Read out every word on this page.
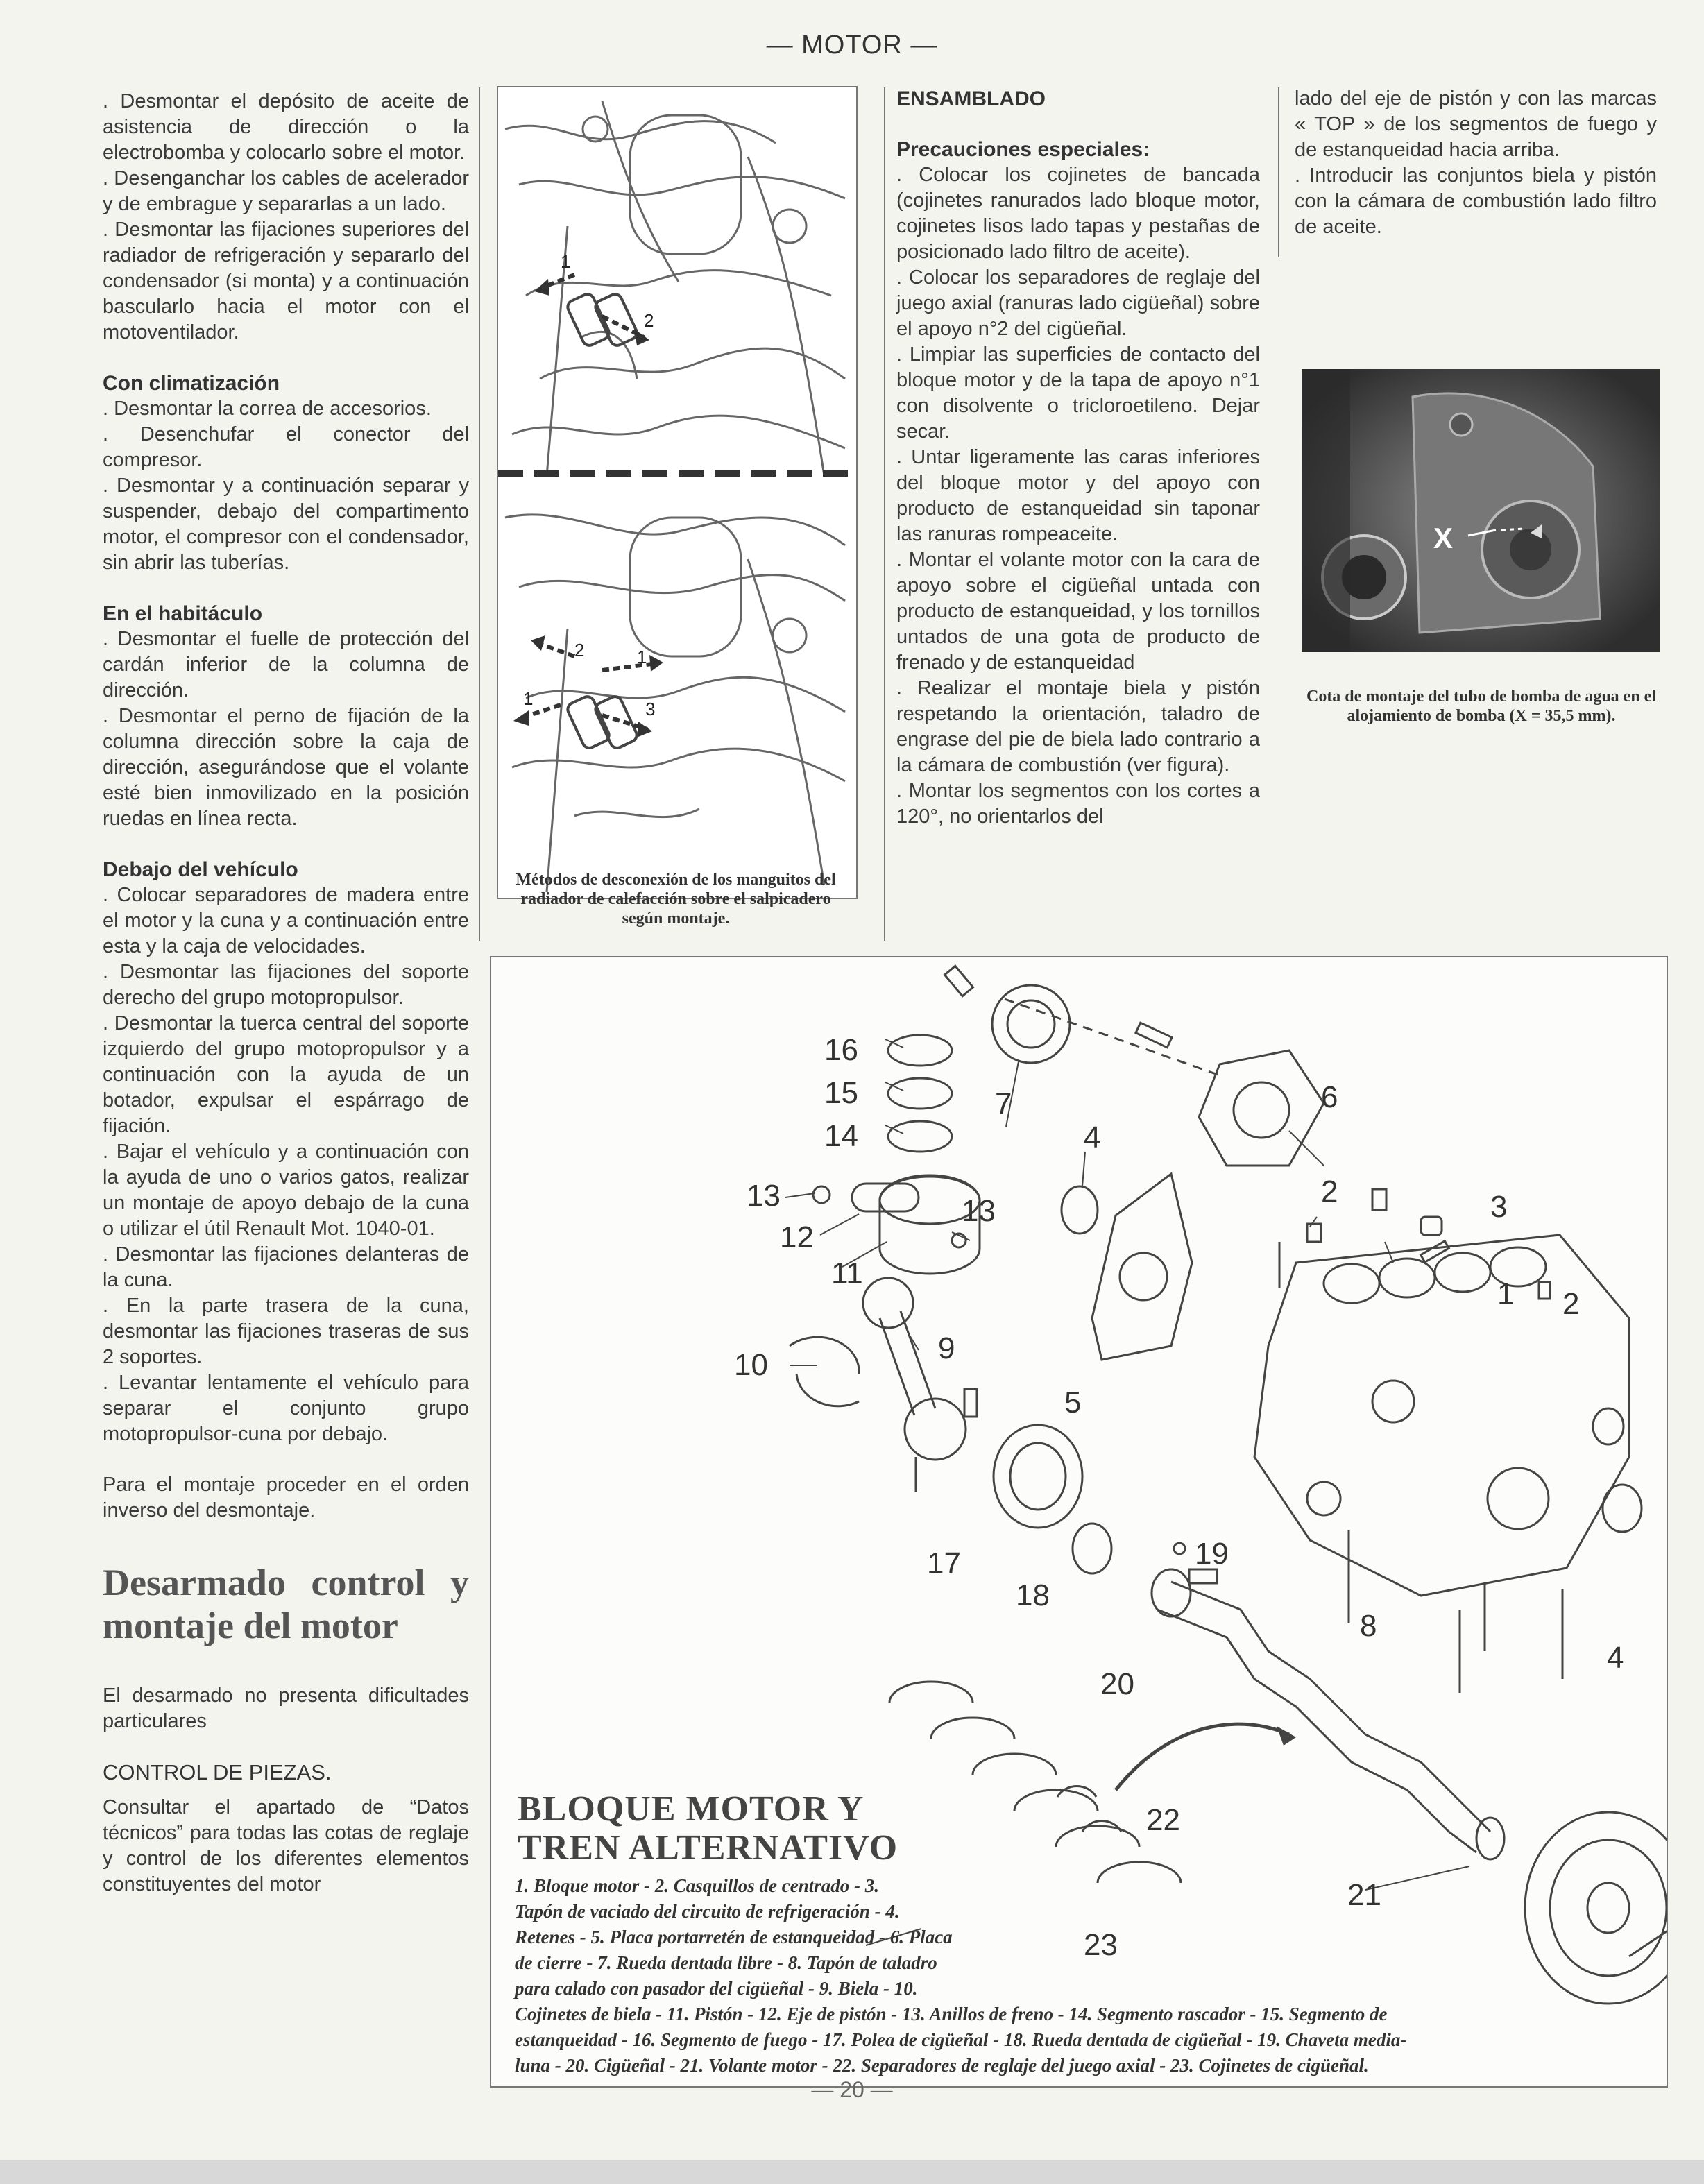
— MOTOR —

. Desmontar el depósito de aceite de asistencia de dirección o la electrobomba y colocarlo sobre el motor.

. Desenganchar los cables de acelerador y de embrague y separarlas a un lado.

. Desmontar las fijaciones superiores del radiador de refrigeración y separarlo del condensador (si monta) y a continuación bascularlo hacia el motor con el motoventilador.

Con climatización

. Desmontar la correa de accesorios.

. Desenchufar el conector del compresor.

. Desmontar y a continuación separar y suspender, debajo del compartimento motor, el compresor con el condensador, sin abrir las tuberías.

En el habitáculo

. Desmontar el fuelle de protección del cardán inferior de la columna de dirección.

. Desmontar el perno de fijación de la columna dirección sobre la caja de dirección, asegurándose que el volante esté bien inmovilizado en la posición ruedas en línea recta.

Debajo del vehículo

. Colocar separadores de madera entre el motor y la cuna y a continuación entre esta y la caja de velocidades.

. Desmontar las fijaciones del soporte derecho del grupo motopropulsor.

. Desmontar la tuerca central del soporte izquierdo del grupo motopropulsor y a continuación con la ayuda de un botador, expulsar el espárrago de fijación.

. Bajar el vehículo y a continuación con la ayuda de uno o varios gatos, realizar un montaje de apoyo debajo de la cuna o utilizar el útil Renault Mot. 1040-01.

. Desmontar las fijaciones delanteras de la cuna.

. En la parte trasera de la cuna, desmontar las fijaciones traseras de sus 2 soportes.

. Levantar lentamente el vehículo para separar el conjunto grupo motopropulsor-cuna por debajo.

Para el montaje proceder en el orden inverso del desmontaje.

Desarmado control y montaje del motor

El desarmado no presenta dificultades particulares

CONTROL DE PIEZAS.

Consultar el apartado de “Datos técnicos” para todas las cotas de reglaje y control de los diferentes elementos constituyentes del motor

1
2
2
1
1
3
Métodos de desconexión de los manguitos del radiador de calefacción sobre el salpicadero según montaje.
ENSAMBLADO
Precauciones especiales:

. Colocar los cojinetes de bancada (cojinetes ranurados lado bloque motor, cojinetes lisos lado tapas y pestañas de posicionado lado filtro de aceite).

. Colocar los separadores de reglaje del juego axial (ranuras lado cigüeñal) sobre el apoyo n°2 del cigüeñal.

. Limpiar las superficies de contacto del bloque motor y de la tapa de apoyo n°1 con disolvente o tricloroetileno. Dejar secar.

. Untar ligeramente las caras inferiores del bloque motor y del apoyo con producto de estanqueidad sin taponar las ranuras rompeaceite.

. Montar el volante motor con la cara de apoyo sobre el cigüeñal untada con producto de estanqueidad, y los tornillos untados de una gota de producto de frenado y de estanqueidad

. Realizar el montaje biela y pistón respetando la orientación, taladro de engrase del pie de biela lado contrario a la cámara de combustión (ver figura).

. Montar los segmentos con los cortes a 120°, no orientarlos del

lado del eje de pistón y con las marcas « TOP » de los segmentos de fuego y de estanqueidad hacia arriba.

. Introducir las conjuntos biela y pistón con la cámara de combustión lado filtro de aceite.

X
Cota de montaje del tubo de bomba de agua en el alojamiento de bomba (X = 35,5 mm).
16
15
14
13
12
11
13
7
4
6
2	3
1 2
10	9
5
17	19
18
8
4
20
22
21
23
BLOQUE MOTOR Y
TREN ALTERNATIVO
1. Bloque motor - 2. Casquillos de centrado - 3.
Tapón de vaciado del circuito de refrigeración - 4.
Retenes - 5. Placa portarretén de estanqueidad - 6. Placa
de cierre - 7. Rueda dentada libre - 8. Tapón de taladro
para calado con pasador del cigüeñal - 9. Biela - 10.
Cojinetes de biela - 11. Pistón - 12. Eje de pistón - 13. Anillos de freno - 14. Segmento rascador - 15. Segmento de
estanqueidad - 16. Segmento de fuego - 17. Polea de cigüeñal - 18. Rueda dentada de cigüeñal - 19. Chaveta media-
luna - 20. Cigüeñal - 21. Volante motor - 22. Separadores de reglaje del juego axial - 23. Cojinetes de cigüeñal.
— 20 —
